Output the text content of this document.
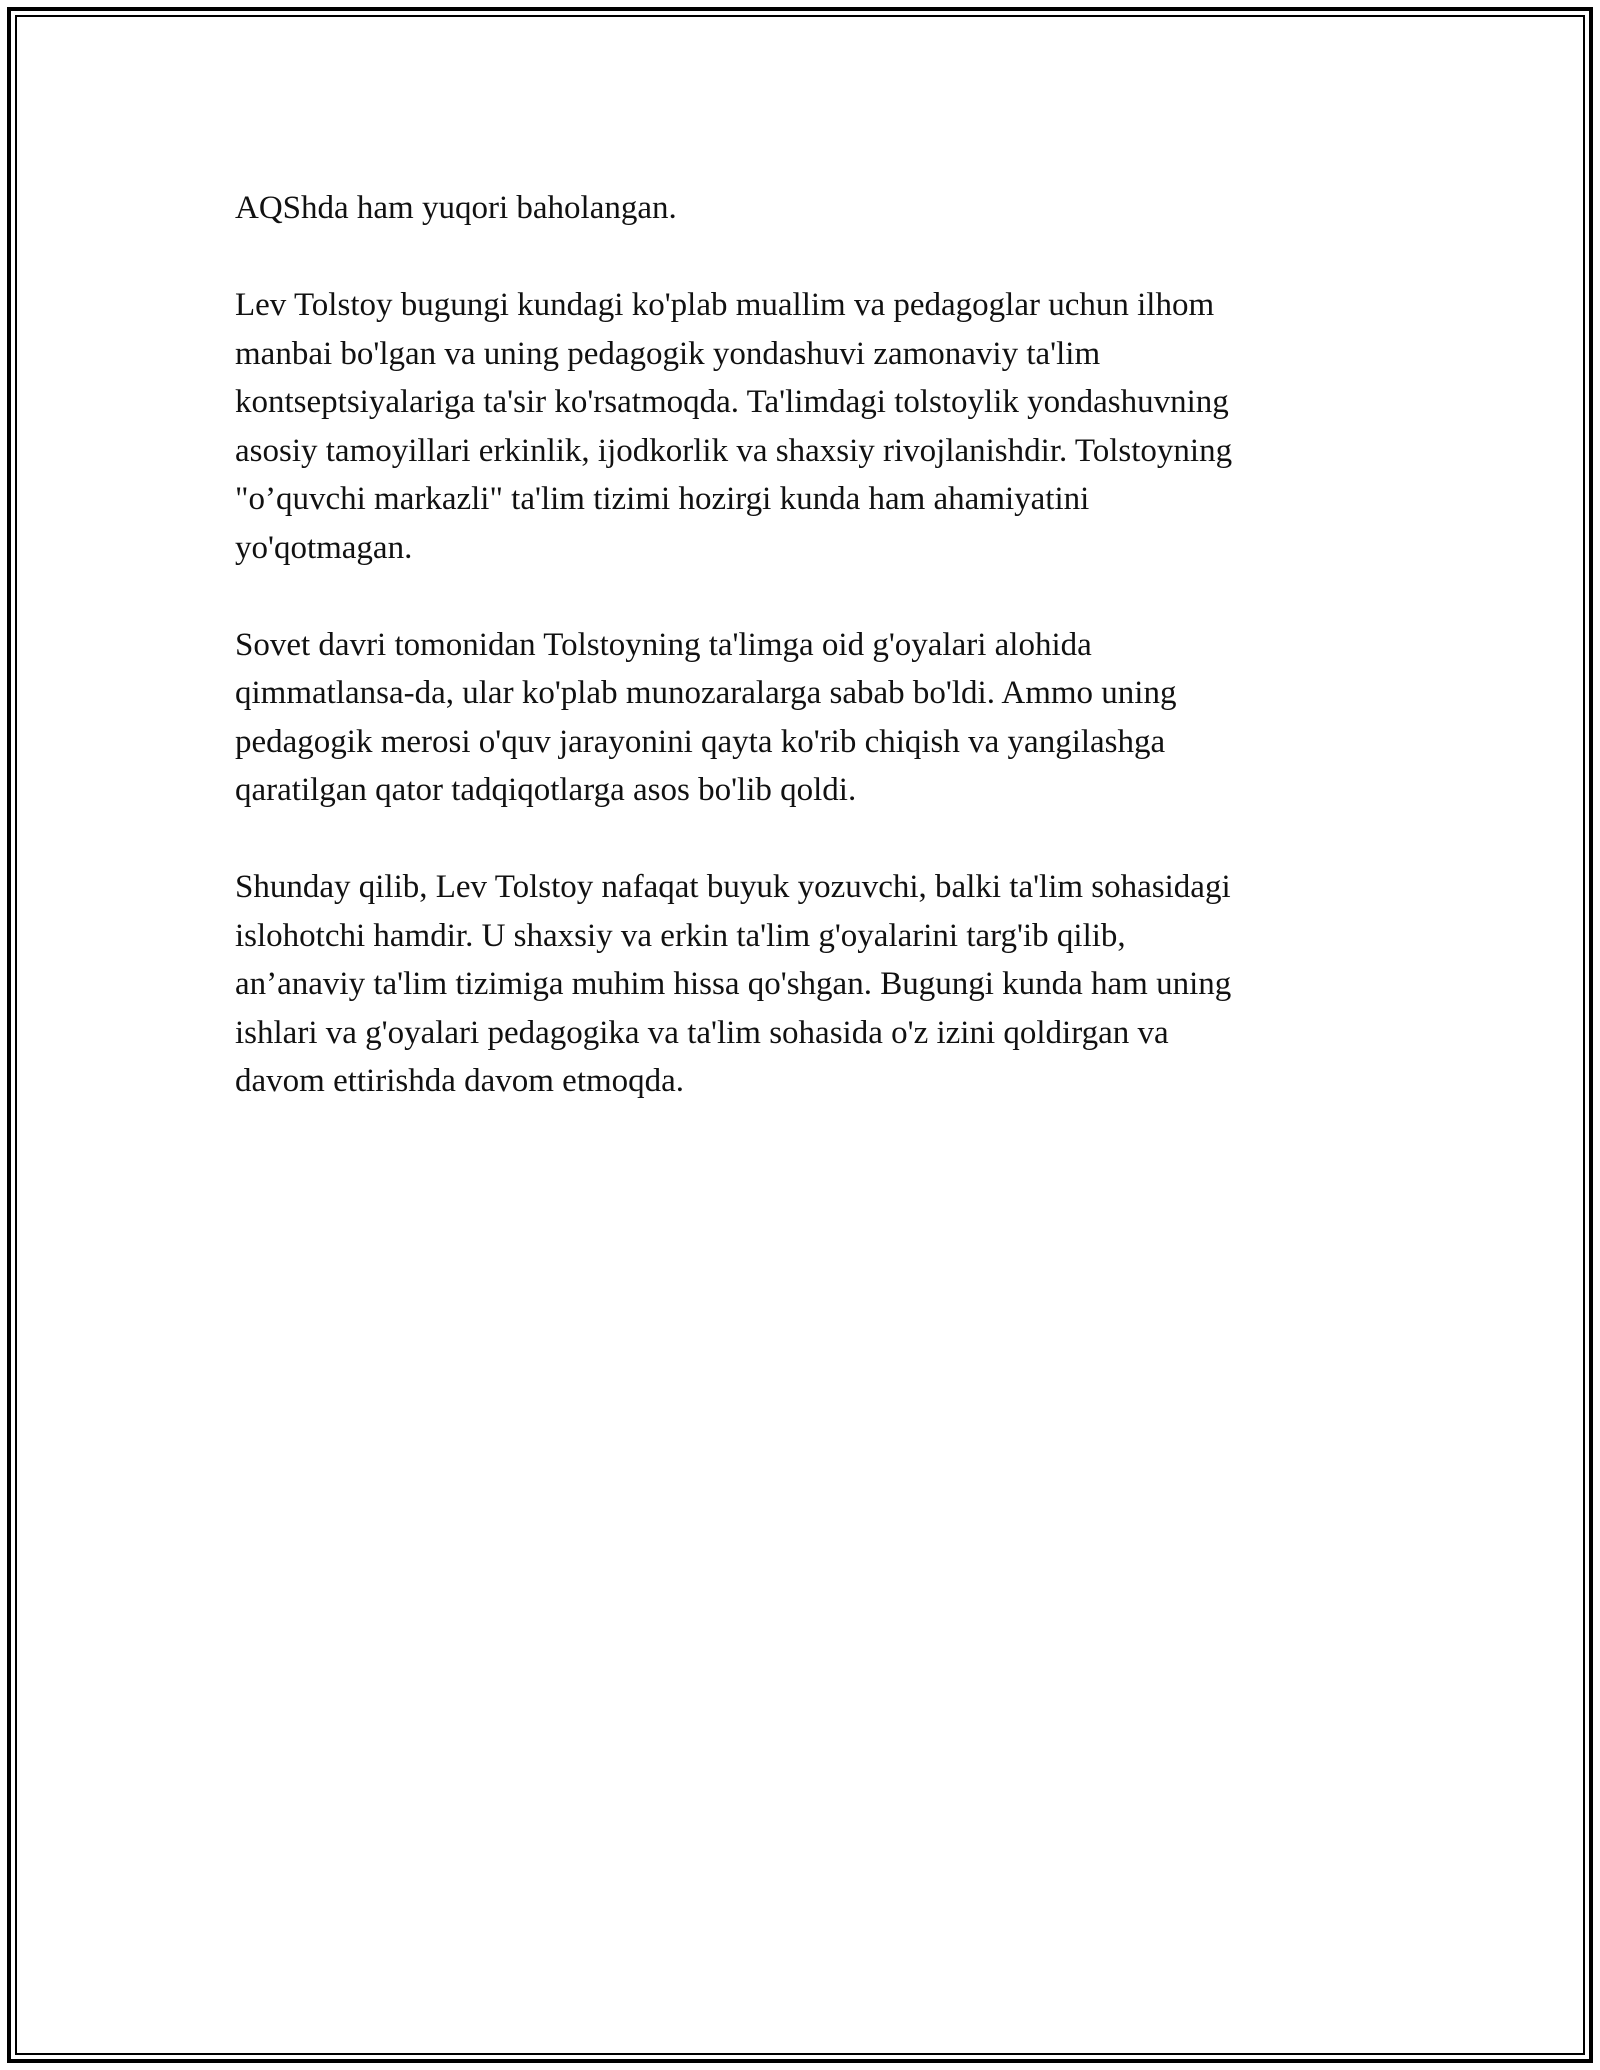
AQShda ham yuqori baholangan.

Lev Tolstoy bugungi kundagi ko'plab muallim va pedagoglar uchun ilhom
manbai bo'lgan va uning pedagogik yondashuvi zamonaviy ta'lim
kontseptsiyalariga ta'sir ko'rsatmoqda. Ta'limdagi tolstoylik yondashuvning
asosiy tamoyillari erkinlik, ijodkorlik va shaxsiy rivojlanishdir. Tolstoyning
"o’quvchi markazli" ta'lim tizimi hozirgi kunda ham ahamiyatini
yo'qotmagan.

Sovet davri tomonidan Tolstoyning ta'limga oid g'oyalari alohida
qimmatlansa-da, ular ko'plab munozaralarga sabab bo'ldi. Ammo uning
pedagogik merosi o'quv jarayonini qayta ko'rib chiqish va yangilashga
qaratilgan qator tadqiqotlarga asos bo'lib qoldi.

Shunday qilib, Lev Tolstoy nafaqat buyuk yozuvchi, balki ta'lim sohasidagi
islohotchi hamdir. U shaxsiy va erkin ta'lim g'oyalarini targ'ib qilib,
an’anaviy ta'lim tizimiga muhim hissa qo'shgan. Bugungi kunda ham uning
ishlari va g'oyalari pedagogika va ta'lim sohasida o'z izini qoldirgan va
davom ettirishda davom etmoqda.
